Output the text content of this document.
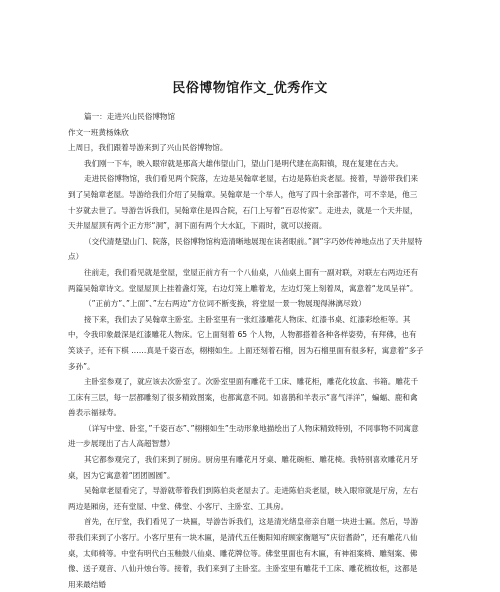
民俗博物馆作文_优秀作文

篇一：走进兴山民俗博物馆

作文一班黄杨姝欣

上周日，我们跟着导游来到了兴山民俗博物馆。

我们刚一下车，映入眼帘就是那高大雄伟望山门，望山门是明代建在高阳镇，现在复建在古夫。

走进民俗博物馆，我们看见两个院落，左边是吴翰章老屋，右边是陈伯炎老屋。接着，导游带我们来到了吴翰章老屋。导游给我们介绍了吴翰章。吴翰章是一个举人，他写了四十余部著作，可不幸是，他三十岁就去世了。导游告诉我们，吴翰章住是四合院，石门上写着“百忍传家”。走进去，就是一个天井屋，天井屋屋顶有两个正方形“洞”，洞下面有两个大水缸，下雨时，就可以接雨。

（交代清楚望山门、院落，民俗博物馆构造清晰地展现在读者眼前。”洞”字巧妙传神地点出了天井屋特点）

往前走，我们看见就是堂屋，堂屋正前方有一个八仙桌，八仙桌上面有一副对联，对联左右两边还有两篇吴翰章诗文。堂屋屋顶上挂着盏灯笼，右边灯笼上雕着龙，左边灯笼上刻着凤，寓意着“龙凤呈祥”。

（”正前方”、”上面”、”左右两边”方位词不断变换，将堂屋一景一物展现得淋漓尽致）

接下来，我们去了吴翰章主卧室。主卧室里有一张红漆雕花人物床、红漆书桌、红漆彩绘柜等。其中，令我印象最深是红漆雕花人物床。它上面刻着 65 个人物，人物都搭着各种各样姿势，有拜佛，也有笑谈子，还有下棋 ……真是千姿百态，栩栩如生。上面还刻着石榴，因为石榴里面有很多籽，寓意着“多子多孙”。

主卧室参观了，就应该去次卧室了。次卧室里面有雕花千工床、雕花柜，雕花化妆盒、书箱。雕花千工床有三层，每一层都雕刻了很多精致图案，也都寓意不同。如喜鹊和羊表示“喜气洋洋”，蝙蝠、鹿和禽兽表示福禄寿。

（详写中堂、卧室，”千姿百态”、”栩栩如生”生动形象地描绘出了人物床精致特别，不同事物不同寓意进一步展现出了古人高超智慧）

其它都参观完了，我们来到了厨房。厨房里有雕花月牙桌、雕花碗柜、雕花椅。我特别喜欢雕花月牙桌，因为它寓意着“团团圆圆”。

吴翰章老屋看完了，导游就带着我们到陈伯炎老屋去了。走进陈伯炎老屋，映入眼帘就是厅房，左右两边是厢房，还有堂屋、中堂、佛堂、小客厅、主卧室、工具房。

首先，在厅堂，我们看见了一块匾，导游告诉我们，这是清光绪皇帝亲自题一块进士匾。然后，导游带我们来到了小客厅。小客厅里有一块木匾，是清代五任衡阳知府顾家衡题写“庆衍耆龄”，还有雕花八仙桌，太师椅等。中堂有明代白玉釉鼓八仙桌、雕花牌位等。佛堂里面也有木匾，有神祖案椅、雕刻案、佛像、送子观音、八仙升烛台等。接着，我们来到了主卧室。主卧室里有雕花千工床、雕花梳妆柜，这都是用来最结婚
